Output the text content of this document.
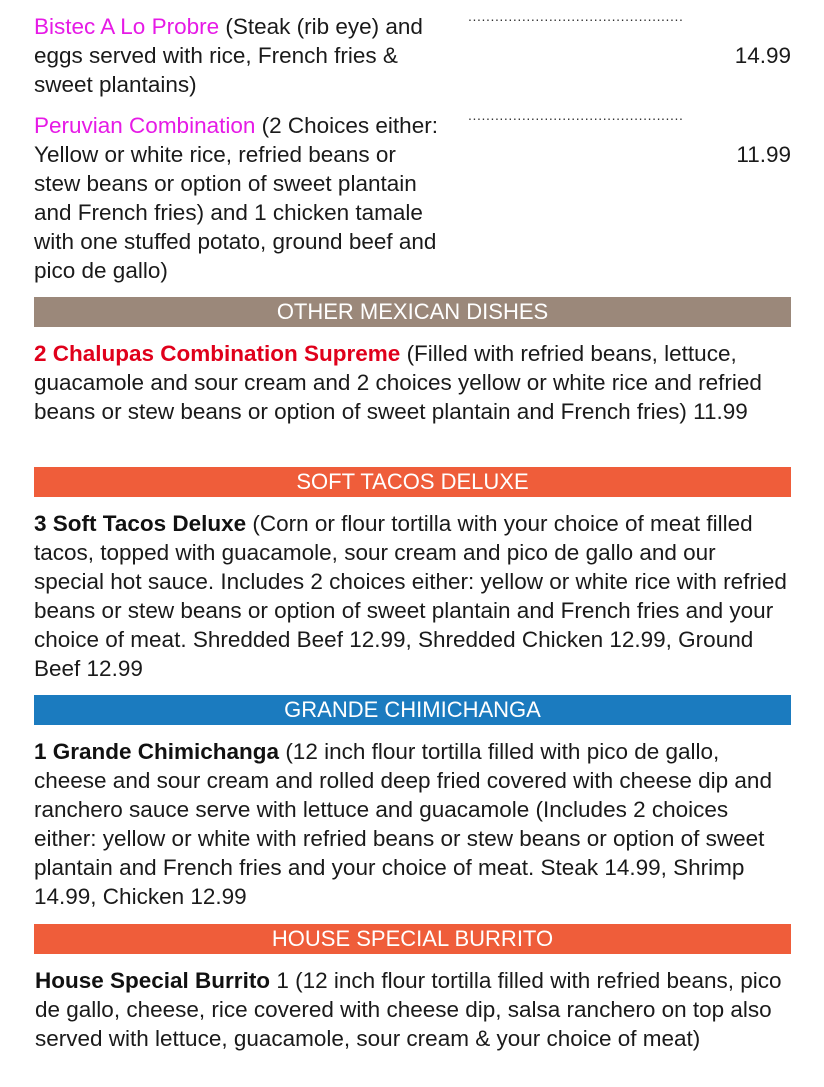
Bistec A Lo Probre (Steak (rib eye) and eggs served with rice, French fries & sweet plantains)
................................................
14.99
Peruvian Combination (2 Choices either: Yellow or white rice, refried beans or stew beans or option of sweet plantain and French fries) and 1 chicken tamale with one stuffed potato, ground beef and pico de gallo)
................................................
11.99
OTHER MEXICAN DISHES
2 Chalupas Combination Supreme (Filled with refried beans, lettuce, guacamole and sour cream and 2 choices yellow or white rice and refried beans or stew beans or option of sweet plantain and French fries) 11.99
SOFT TACOS DELUXE
3 Soft Tacos Deluxe (Corn or flour tortilla with your choice of meat filled tacos, topped with guacamole, sour cream and pico de gallo and our special hot sauce. Includes 2 choices either: yellow or white rice with refried beans or stew beans or option of sweet plantain and French fries and your choice of meat. Shredded Beef 12.99, Shredded Chicken 12.99, Ground Beef 12.99
GRANDE CHIMICHANGA
1 Grande Chimichanga (12 inch flour tortilla filled with pico de gallo, cheese and sour cream and rolled deep fried covered with cheese dip and ranchero sauce serve with lettuce and guacamole (Includes 2 choices either: yellow or white with refried beans or stew beans or option of sweet plantain and French fries and your choice of meat. Steak 14.99, Shrimp 14.99, Chicken 12.99
HOUSE SPECIAL BURRITO
House Special Burrito 1 (12 inch flour tortilla filled with refried beans, pico de gallo, cheese, rice covered with cheese dip, salsa ranchero on top also served with lettuce, guacamole, sour cream & your choice of meat)
